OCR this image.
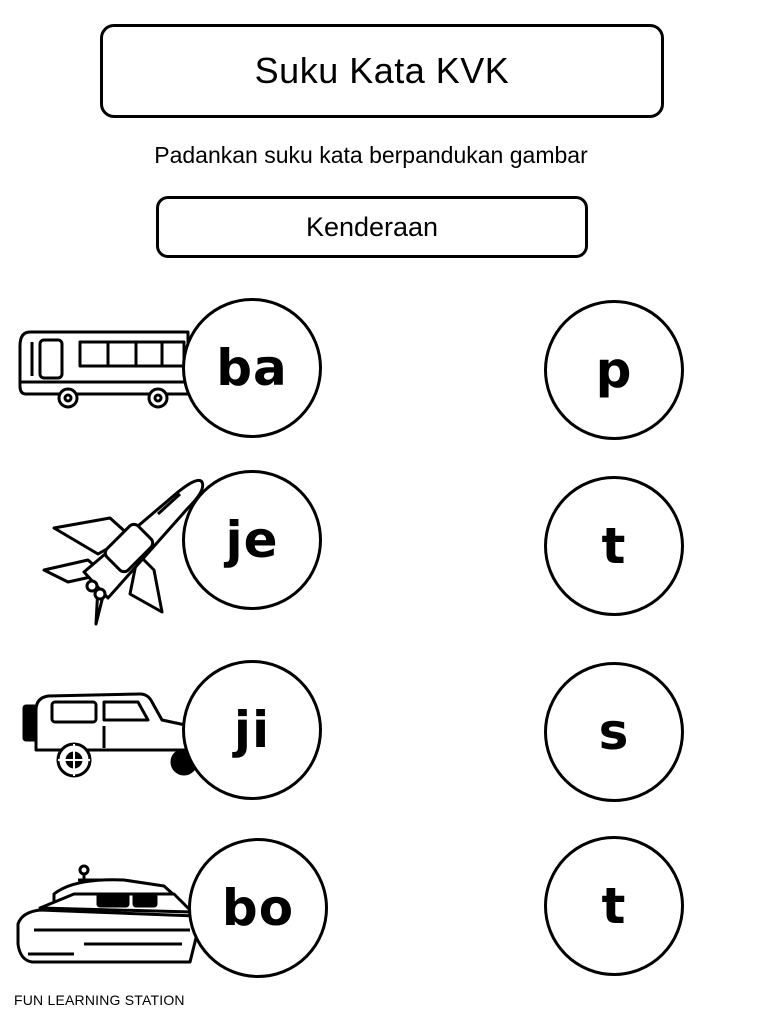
Suku Kata KVK
Padankan suku kata berpandukan gambar
Kenderaan
ba	p
je	t
ji	s
bo	t
FUN LEARNING STATION
